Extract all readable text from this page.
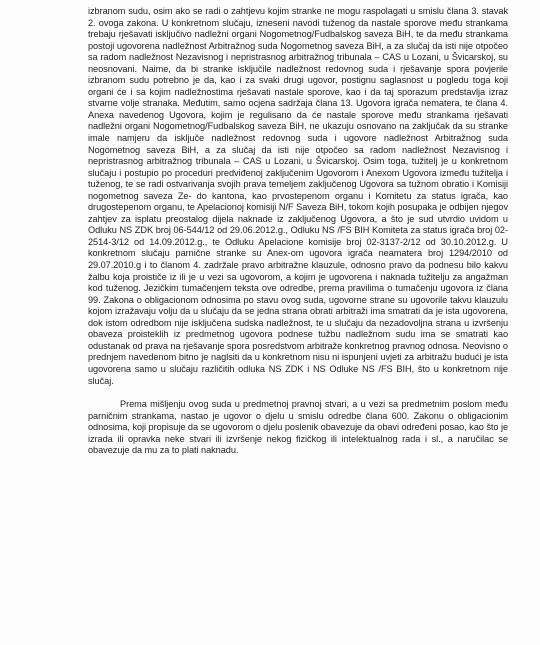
izbranom sudu, osim ako se radi o zahtjevu kojim stranke ne mogu raspolagati u smislu člana 3. stavak 2. ovoga zakona. U konkretnom slučaju, izneseni navodi tuženog da nastale sporove među strankama trebaju rješavati isključivo nadležni organi Nogometnog/Fudbalskog saveza BiH, te da među strankama postoji ugovorena nadležnost Arbitražnog suda Nogometnog saveza BiH, a za slučaj da isti nije otpočeo sa radom nadležnost Nezavisnog i nepristrasnog arbitražnog tribunala – CAS u Lozani, u Švicarskoj, su neosnovani. Naime, da bi stranke isključile nadležnost redovnog suda i rješavanje spora povjerile izbranom sudu potrebno je da, kao i za svaki drugi ugovor, postignu saglasnost u pogledu toga koji organi će i sa kojim nadležnostima rješavati nastale sporove, kao i da taj sporazum predstavlja izraz stvarne volje stranaka. Međutim, samo ocjena sadržaja člana 13. Ugovora igrača nematera, te člana 4. Anexa navedenog Ugovora, kojim je regulisano da će nastale sporove među strankama rješavati nadležni organi Nogometnog/Fudbalskog saveza BiH, ne ukazuju osnovano na zaključak da su stranke imale namjeru da isključe nadležnost redovnog suda i ugovore nadležnost Arbitražnog suda Nogometnog saveza BiH, a za slučaj da isti nije otpočeo sa radom nadležnost Nezavisnog i nepristrasnog arbitražnog tribunala – CAS u Lozani, u Švicarskoj. Osim toga, tužitelj je u konkretnom slučaju i postupio po proceduri predviđenoj zaključenim Ugovorom i Anexom Ugovora između tužitelja i tuženog, te se radi ostvarivanja svojih prava temeljem zaključenog Ugovora sa tužnom obratio i Komisiji nogometnog saveza Ze- do kantona, kao prvostepenom organu i Komitetu za status igrača, kao drugostepenom organu, te Apelacionoj komisiji N/F Saveza BiH, tokom kojih posupaka je odbijen njegov zahtjev za isplatu preostalog dijela naknade iz zaključenog Ugovora, a što je sud utvrdio uvidom u Odluku NS ZDK broj 06-544/12 od 29.06.2012.g., Odluku NS /FS BIH Komiteta za status igrača broj 02-2514-3/12 od 14.09.2012.g., te Odluku Apelacione komisije broj 02-3137-2/12 od 30.10.2012.g. U konkretnom slučaju parnične stranke su Anex-om ugovora igrača neamatera broj 1294/2010 od 29.07.2010.g i to članom 4. zadržale pravo arbitražne klauzule, odnosno pravo da podnesu bilo kakvu žalbu koja proističe iz ili je u vezi sa ugovorom, a kojim je ugovorena i naknada tužitelju za angažman kod tuženog. Jezičkim tumačenjem teksta ove odredbe, prema pravilima o tumačenju ugovora iz člana 99. Zakona o obligacionom odnosima po stavu ovog suda, ugovorne strane su ugovorile takvu klauzulu kojom izražavaju volju da u slučaju da se jedna strana obrati arbitraži ima smatrati da je ista ugovorena, dok istom odredbom nije isključena sudska nadležnost, te u slučaju da nezadovoljna strana u izvršenju obaveza proisteklih iz predmetnog ugovora podnese tužbu nadležnom sudu ima se smatrati kao odustanak od prava na rješavanje spora posredstvom arbitraže konkretnog pravnog odnosa. Neovisno o prednjem navedenom bitno je naglsiti da u konkretnom nisu ni ispunjeni uvjeti za arbitražu budući je ista ugovorena samo u slučaju različitih odluka NS ZDK i NS Odluke NS /FS BIH, što u konkretnom nije slučaj.

Prema mišljenju ovog suda u predmetnoj pravnoj stvari, a u vezi sa predmetnim poslom među parničnim strankama, nastao je ugovor o djelu u smislu odredbe člana 600. Zakonu o obligacionim odnosima, koji propisuje da se ugovorom o djelu poslenik obavezuje da obavi određeni posao, kao što je izrada ili opravka neke stvari ili izvršenje nekog fizičkog ili intelektualnog rada i sl., a naručilac se obavezuje da mu za to plati naknadu.
